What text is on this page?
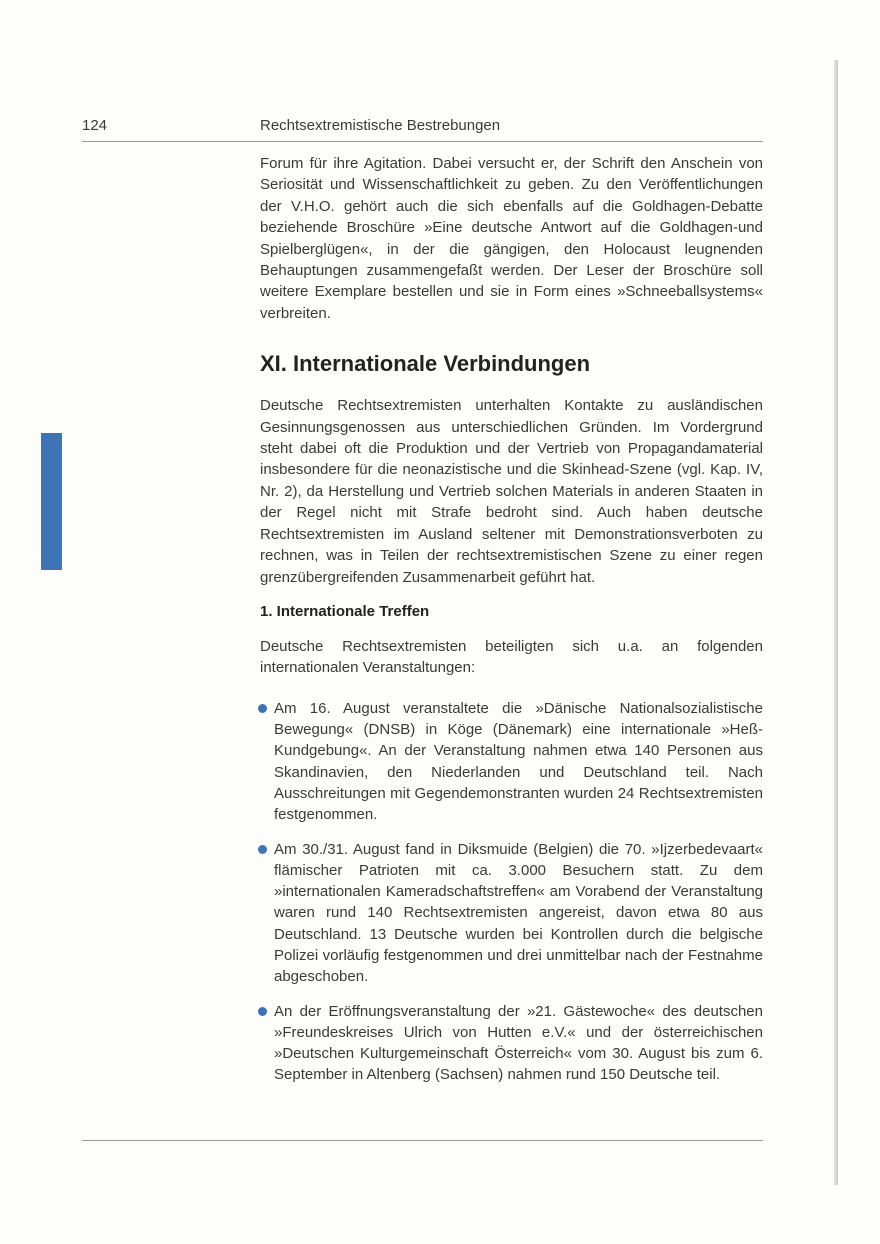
124	Rechtsextremistische Bestrebungen

Forum für ihre Agitation. Dabei versucht er, der Schrift den Anschein von Seriosität und Wissenschaftlichkeit zu geben. Zu den Veröffentlichungen der V.H.O. gehört auch die sich ebenfalls auf die Goldhagen-Debatte beziehende Broschüre »Eine deutsche Antwort auf die Goldhagen-und Spielberglügen«, in der die gängigen, den Holocaust leugnenden Behauptungen zusammengefaßt werden. Der Leser der Broschüre soll weitere Exemplare bestellen und sie in Form eines »Schneeballsystems« verbreiten.

XI. Internationale Verbindungen

Deutsche Rechtsextremisten unterhalten Kontakte zu ausländischen Gesinnungsgenossen aus unterschiedlichen Gründen. Im Vordergrund steht dabei oft die Produktion und der Vertrieb von Propagandamaterial insbesondere für die neonazistische und die Skinhead-Szene (vgl. Kap. IV, Nr. 2), da Herstellung und Vertrieb solchen Materials in anderen Staaten in der Regel nicht mit Strafe bedroht sind. Auch haben deutsche Rechtsextremisten im Ausland seltener mit Demonstrationsverboten zu rechnen, was in Teilen der rechtsextremistischen Szene zu einer regen grenzübergreifenden Zusammenarbeit geführt hat.

1. Internationale Treffen

Deutsche Rechtsextremisten beteiligten sich u.a. an folgenden internationalen Veranstaltungen:

Am 16. August veranstaltete die »Dänische Nationalsozialistische Bewegung« (DNSB) in Köge (Dänemark) eine internationale »Heß-Kundgebung«. An der Veranstaltung nahmen etwa 140 Personen aus Skandinavien, den Niederlanden und Deutschland teil. Nach Ausschreitungen mit Gegendemonstranten wurden 24 Rechtsextremisten festgenommen.

Am 30./31. August fand in Diksmuide (Belgien) die 70. »Ijzerbedevaart« flämischer Patrioten mit ca. 3.000 Besuchern statt. Zu dem »internationalen Kameradschaftstreffen« am Vorabend der Veranstaltung waren rund 140 Rechtsextremisten angereist, davon etwa 80 aus Deutschland. 13 Deutsche wurden bei Kontrollen durch die belgische Polizei vorläufig festgenommen und drei unmittelbar nach der Festnahme abgeschoben.

An der Eröffnungsveranstaltung der »21. Gästewoche« des deutschen »Freundeskreises Ulrich von Hutten e.V.« und der österreichischen »Deutschen Kulturgemeinschaft Österreich« vom 30. August bis zum 6. September in Altenberg (Sachsen) nahmen rund 150 Deutsche teil.
